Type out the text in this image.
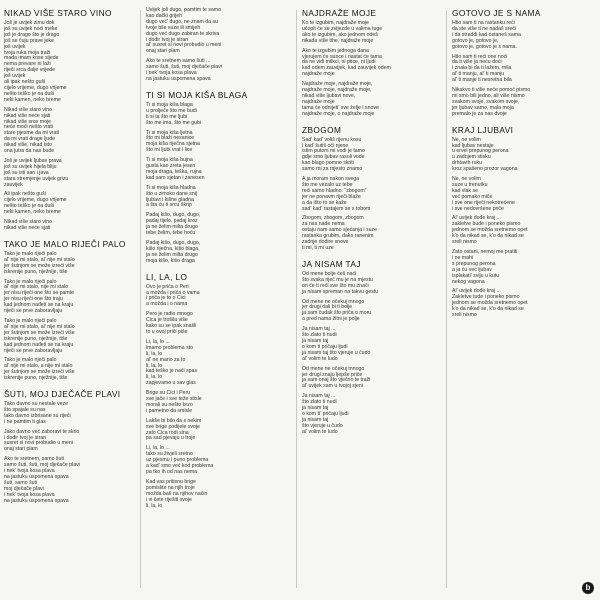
NIKAD VIŠE STARO VINO
Još je uvijek zimu dok
još su uvijek noći meke
još je drago što je drago
još se čuju prave jeke
još uvijek
tvoja ruka moja traži
mada imam kose sijede
nema prevare ni laži
riječi srca dalje vrijede
još uvijek
ali ipak nešto guši
cijelo vrijeme, dugo vrijeme
nešto teško je na duši
neki kamen, neko breme
Nikad više staro vino
nikad više neće sjati
nikad više srce moje
neće moći nešto vrati
stare pjesme da mi vrati
da mi vrati drage ljude
nikad više, nikad isto
ona jutra da nas bude
Još je uvijek ljubav prava
još su uvijek hijela bliju
još su isti san i java
stara stremjenje uvijek grizu
zauvijek
Ali ipak nešto guši
cijelo vrijeme, dugo vrijeme
nešto teško je na duši
neki kamen, neko breme
Nikad više staro vino
nikad više neće sjati
TAKO JE MALO RIJEČI PALO
Tako je malo riječi palo
al' nije mi stalo, al' nije mi stalo
jer šutnjom se može izreći više
iskrenije puno, nježnije, tiše
Tako je malo riječi palo
al' nije mi stalo, nije mi stalo
jer nisu riječi one što se pamte
jer nisu riječi one što traju
kad jednom nađeš se na kraju
riječi se prve zaboravljaju
Tako je malo riječi palo
al' nije mi stalo, al' nije mi stalo
jer šutnjom se može izreći više
iskrenije puno, nježnije, tiše
kad jednom nađeš se na kraju
riječi se prve zaboravljaju
Tako je malo riječi palo
al' nije mi stalo, a nije mi stalo
jer šutnjom se može izreći više
iskrenije puno, nježnije, tiše
ŠUTI, MOJ DJEČAČE PLAVI
Tako davno su nestale veze
što spajale su nas
tako davno izbrisane su riječi
i ne pamtim ti glas
Jako davno već zaboravi te skrio
i dodir tvoj je stran
susret si novi probudio u meni
onaj stari plam
Ako te sretnem, samo šuti
samo šuti, šuti, moj dječače plavi
i nek' tvoja kosa plava
na jastuku uspomena spava
šuti, samo šuti
moj dječače plavi
i nek' tvoja kosa plava
na jastuku uspomena spava
Uvijek još dugo, pamtim te samo
kao dački grijeh
dugo već' dugo, ne znam da su
tvoje bile suze ili smijeh
dugo već dugo zabiran te skriva
i dodir tvoj je stran
al' susret si novi probudio u meni
onaj stari plam
Ako te sretnem samo šuti ...
samo šuti, šuti, moj dječače plavi
i nek' tvoja kosa plava
na jastuku uspomena spava
TI SI MOJA KIŠA BLAGA
Ti si moja kiša blaga
u proljeće što me budi
ti si ta što me ljubi
što me ima, što me gubi
Ti si moja kiša ljetna
što mi blaži nesanice
moja kiša riječna sjetna
što mi ljubi vrat i lice
Ti si moja kiša bujna
gusta kao zreta jesen
moja draga, teška, rujna
kad sam sjetan i zanesen
Ti si moja kiša hladna
što u zimsko dane snij
ljubavi i kišne gladna
a šta ću ti srcu škrip
Padaj kišo, dugo, dugo,
padaj tijelo, padaj kroz
ja ne želim milta drugo
tebe želim, tebe hoću
Padaj kišo, dugo, dugo,
kišo riječna, kišo blaga,
ja ne želim milta drugo
moja kišo, kišo draga
LI, LA, LO
Ovo je priča o Peri
a možda i priča o vama
i priča je to o Cici
a možda i o nama
Pero je radio mnogo
Cica je trošila više
kako su se ipak snašli
to u ovoj priči piše
Li, la, lo ...
imamo problema sto
li, la, lo
al' ne mario za to
li, la, lo
kad teško je naći spas
li, la, lo
zapjevamo u sav glas
Brige su Cici i Peru
sve jače i sve teže stisle
morali su nešto brzo
i pametno da smisle
Lakše bi bilo da s nekim
sve brige podijele svoje
zato Cica rodi sina
pa sad pjevaju u troje
Li, la, lo ...
tako su živjeli sretno
uz pjesmu i puno problema
a kad' smo već kod problema
pa tko ih od nas nema
Kad vas pritisnu brige
pomislite na njih troje
možda baš na njihov način
i vi čete riješiti svoje
li, la, lo
NAJDRAŽE MOJE
Ko te izgubim, najdraže moje
učopit će se zvijezde u valima tuge
ako te izgubim, ako jednom odeš
nikada više tihe, najdraže moje
Ako te izgubim jednoga dana
vjerujem će sunce i nastat će tama
da ne vidi milkci, ni ptice, ni ljudi
kad odem zauvijek, kad zauvijek odem
najdraže moje
Najdraže moje, najdraže moje,
najdraže moje, najdraže moje,
nikad više ljubavi nove,
najdraže moje
tama će odnijeti' sve želje i snove
najdraže moje, o najdraže moje
ZBOGOM
Sad' kad' voliš rijenu kosu
i kad' šutiš oči njene
istim putom mi vodi je tamo
gdje smo ljubav rasuli vode
kao blago pomno skriti
samo mi za mjesto znamo
A ja moram nakon svega
što me vezalo uz tebe
reći samo hladno: "zbogom"
jer ne ponavm riječi blaže
a da išto to se kaže
sad' kad' rastajem se s tobom
Zbogom, zbogom, zbogom
za nas nade nema
ostaju nam samo sjećanja i suze
rastanka grubim, dako ranenim
zadnje dodire snove
ti mi, ti mi uze
JA NISAM TAJ
Od mene bolje ćeš naći
što svaka riječ mu je na mjestu
on će ti reći sve što mu znači
ja nisam spreman na takvu gestu
Od mene ne očekuj mnogo
jer drugi dali bi ti bolje
ja sam čudak što priča o moru
a pred nama žitni je polje
Ja nisam taj ...
što zlato ti nudi
ja nisam taj
o kom ti pričaju ljudi
ja nisam taj što vjeruje u čudo
al' volim te ludo
Od mene ne očekuj mnogo
jer drugi znaju ljepše priče
ja sam onaj što vjećno te traži
al' uvijek sam u tvojoj sjeni
Ja nisam taj ...
što zlato ti nudi
ja nisam taj
o kom ti' pričaju ljudi
ja nisam taj
što vjeruje u čudo
al' volim te ludo
GOTOVO JE S NAMA
Htio sam ti na rastanku reći
da ste više ti ne nadaš sreći
i da straddi kad ostaneš sama
gotovo je, gotovo je,
gotovo je, gotovo je s nama.
Htio sam ti reći one noći
da ti više ja neću doći
i znala bi da ti lažem, mila
al' ti manju, al' ti manju
al' ti manje ti nesretna bila
Nikakvo ti više neće pomoć pismo
mi smo bili jedno, ali više nismo
svakom svoje, svakom svoje,
jer ljubav samo, mala moja
premalo je za nas dvoje
KRAJ LJUBAVI
Ne, ne volim
kad ljubav nestaje
u ervei prepunog perona
u zadnjem stisku
drhtavih ruku
kroz spašeno prozor vagona
Ne, ne volim
suze u trenutku
kad vlak se
već pomako miče
i sve one riječi nekotrećene
i sve nedovršene priče
Al' uvijek dođe kraj ...
zakletve bude i poneko pismo
jednom se možda sretnemo opet
k'o da nikad se, k'o da nikad se
sreli nismo
Zato ostani, nemoj me pratiti
i ne mahi
s prepunog perona
a ja ću već ljubav
isplakati' sviju u kutu
nekog vagona
Al' uvijek dođe kraj ...
Zakletve tude i poneko pismo
jednom se možda sretnemo opet
k'o da nikad se, k'o da nikad se
sreli nismo
b
